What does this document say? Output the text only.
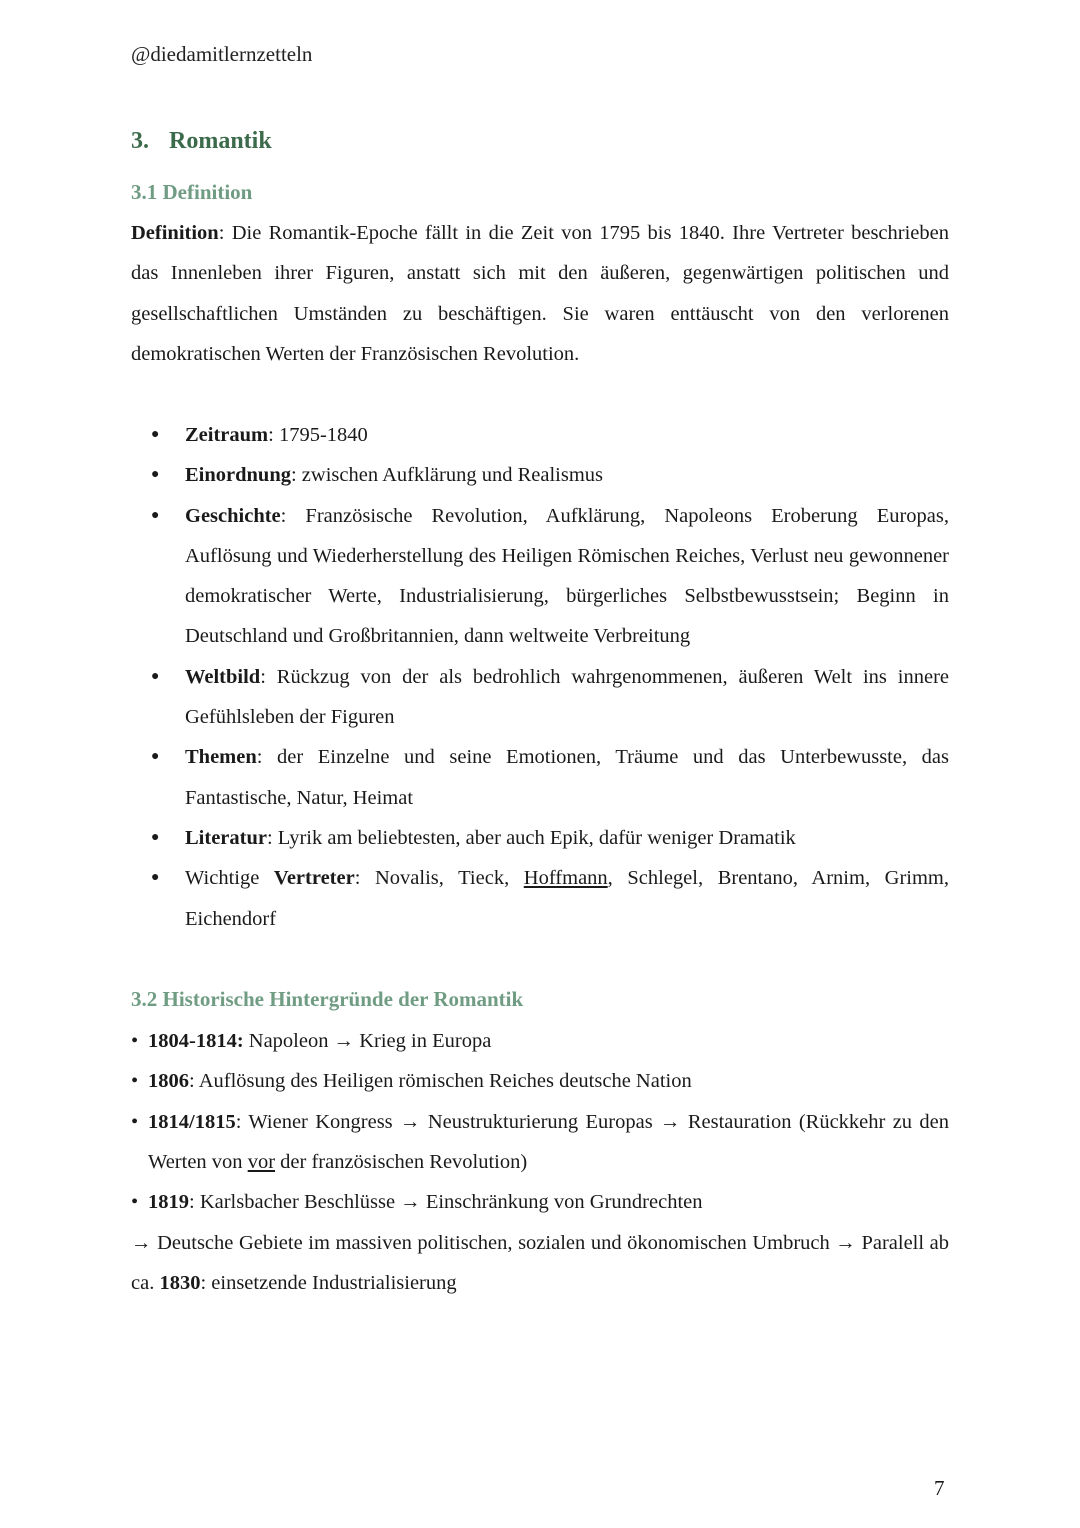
@diedamitlernzetteln
3. Romantik
3.1 Definition
Definition: Die Romantik-Epoche fällt in die Zeit von 1795 bis 1840. Ihre Vertreter beschrieben das Innenleben ihrer Figuren, anstatt sich mit den äußeren, gegenwärtigen politischen und gesellschaftlichen Umständen zu beschäftigen. Sie waren enttäuscht von den verlorenen demokratischen Werten der Französischen Revolution.
● Zeitraum: 1795-1840
● Einordnung: zwischen Aufklärung und Realismus
● Geschichte: Französische Revolution, Aufklärung, Napoleons Eroberung Europas, Auflösung und Wiederherstellung des Heiligen Römischen Reiches, Verlust neu gewonnener demokratischer Werte, Industrialisierung, bürgerliches Selbstbewusstsein; Beginn in Deutschland und Großbritannien, dann weltweite Verbreitung
● Weltbild: Rückzug von der als bedrohlich wahrgenommenen, äußeren Welt ins innere Gefühlsleben der Figuren
● Themen: der Einzelne und seine Emotionen, Träume und das Unterbewusste, das Fantastische, Natur, Heimat
● Literatur: Lyrik am beliebtesten, aber auch Epik, dafür weniger Dramatik
● Wichtige Vertreter: Novalis, Tieck, Hoffmann, Schlegel, Brentano, Arnim, Grimm, Eichendorf
3.2 Historische Hintergründe der Romantik
• 1804-1814: Napoleon → Krieg in Europa
• 1806: Auflösung des Heiligen römischen Reiches deutsche Nation
• 1814/1815: Wiener Kongress → Neustrukturierung Europas → Restauration (Rückkehr zu den Werten von vor der französischen Revolution)
• 1819: Karlsbacher Beschlüsse → Einschränkung von Grundrechten
→ Deutsche Gebiete im massiven politischen, sozialen und ökonomischen Umbruch → Paralell ab ca. 1830: einsetzende Industrialisierung
7
